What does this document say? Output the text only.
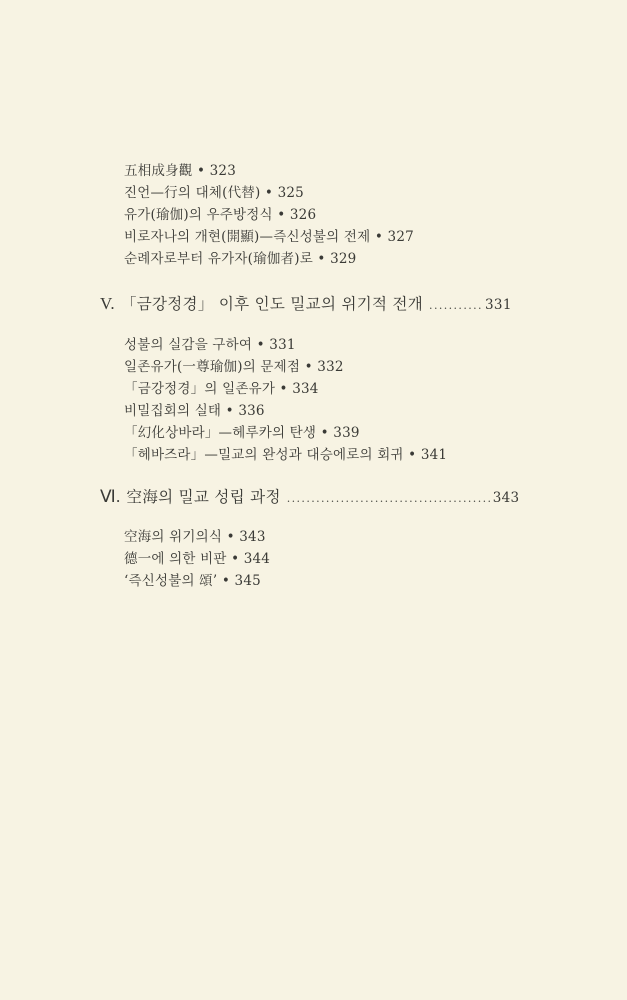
五相成身觀 • 323
진언—行의 대체(代替) • 325
유가(瑜伽)의 우주방정식 • 326
비로자나의 개현(開顯)—즉신성불의 전제 • 327
순례자로부터 유가자(瑜伽者)로 • 329
V. 「금강정경」 이후 인도 밀교의 위기적 전개 .....	331
성불의 실감을 구하여 • 331
일존유가(一尊瑜伽)의 문제점 • 332
「금강정경」의 일존유가 • 334
비밀집회의 실태 • 336
「幻化상바라」—헤루카의 탄생 • 339
「헤바즈라」—밀교의 완성과 대승에로의 회귀 • 341
Ⅵ. 空海의 밀교 성립 과정 .....	343
空海의 위기의식 • 343
德一에 의한 비판 • 344
‘즉신성불의 頌’ • 345
